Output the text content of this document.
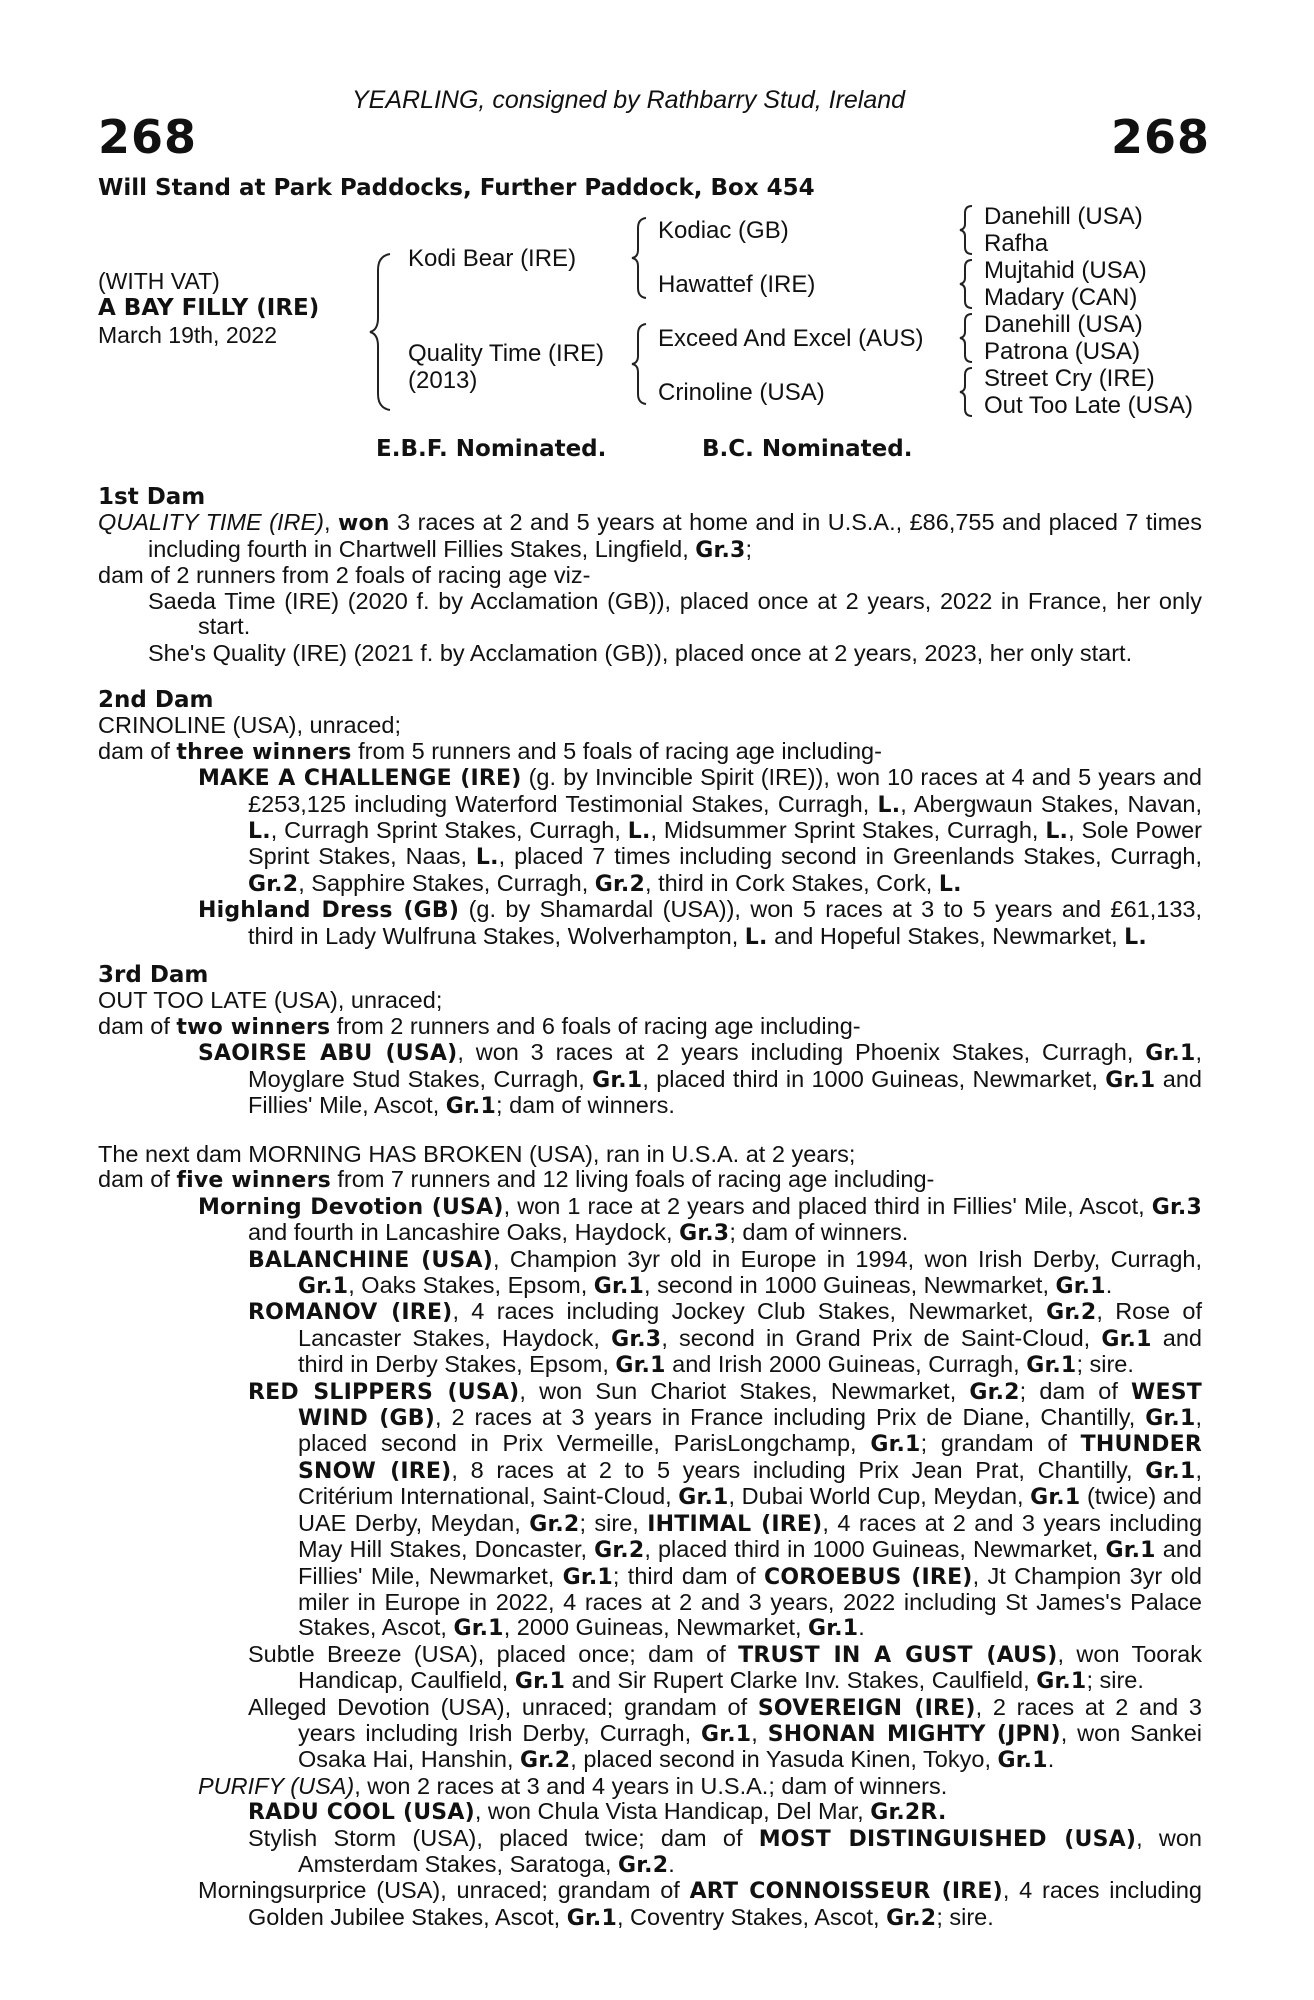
YEARLING, consigned by Rathbarry Stud, Ireland
268	268
Will Stand at Park Paddocks, Further Paddock, Box 454
(WITH VAT)
A BAY FILLY (IRE)
March 19th, 2022
Kodi Bear (IRE)
Quality Time (IRE)
(2013)
Kodiac (GB)
Hawattef (IRE)
Exceed And Excel (AUS)
Crinoline (USA)
Danehill (USA)
Rafha
Mujtahid (USA)
Madary (CAN)
Danehill (USA)
Patrona (USA)
Street Cry (IRE)
Out Too Late (USA)
E.B.F. Nominated.	B.C. Nominated.
1st Dam

QUALITY TIME (IRE), won 3 races at 2 and 5 years at home and in U.S.A., £86,755 and placed 7 times including fourth in Chartwell Fillies Stakes, Lingfield, Gr.3;

dam of 2 runners from 2 foals of racing age viz-

Saeda Time (IRE) (2020 f. by Acclamation (GB)), placed once at 2 years, 2022 in France, her only start.

She's Quality (IRE) (2021 f. by Acclamation (GB)), placed once at 2 years, 2023, her only start.

2nd Dam

CRINOLINE (USA), unraced;

dam of three winners from 5 runners and 5 foals of racing age including-

MAKE A CHALLENGE (IRE) (g. by Invincible Spirit (IRE)), won 10 races at 4 and 5 years and £253,125 including Waterford Testimonial Stakes, Curragh, L., Abergwaun Stakes, Navan, L., Curragh Sprint Stakes, Curragh, L., Midsummer Sprint Stakes, Curragh, L., Sole Power Sprint Stakes, Naas, L., placed 7 times including second in Greenlands Stakes, Curragh, Gr.2, Sapphire Stakes, Curragh, Gr.2, third in Cork Stakes, Cork, L.

Highland Dress (GB) (g. by Shamardal (USA)), won 5 races at 3 to 5 years and £61,133, third in Lady Wulfruna Stakes, Wolverhampton, L. and Hopeful Stakes, Newmarket, L.

3rd Dam

OUT TOO LATE (USA), unraced;

dam of two winners from 2 runners and 6 foals of racing age including-

SAOIRSE ABU (USA), won 3 races at 2 years including Phoenix Stakes, Curragh, Gr.1, Moyglare Stud Stakes, Curragh, Gr.1, placed third in 1000 Guineas, Newmarket, Gr.1 and Fillies' Mile, Ascot, Gr.1; dam of winners.

The next dam MORNING HAS BROKEN (USA), ran in U.S.A. at 2 years;

dam of five winners from 7 runners and 12 living foals of racing age including-

Morning Devotion (USA), won 1 race at 2 years and placed third in Fillies' Mile, Ascot, Gr.3 and fourth in Lancashire Oaks, Haydock, Gr.3; dam of winners.

BALANCHINE (USA), Champion 3yr old in Europe in 1994, won Irish Derby, Curragh, Gr.1, Oaks Stakes, Epsom, Gr.1, second in 1000 Guineas, Newmarket, Gr.1.

ROMANOV (IRE), 4 races including Jockey Club Stakes, Newmarket, Gr.2, Rose of Lancaster Stakes, Haydock, Gr.3, second in Grand Prix de Saint-Cloud, Gr.1 and third in Derby Stakes, Epsom, Gr.1 and Irish 2000 Guineas, Curragh, Gr.1; sire.

RED SLIPPERS (USA), won Sun Chariot Stakes, Newmarket, Gr.2; dam of WEST WIND (GB), 2 races at 3 years in France including Prix de Diane, Chantilly, Gr.1, placed second in Prix Vermeille, ParisLongchamp, Gr.1; grandam of THUNDER SNOW (IRE), 8 races at 2 to 5 years including Prix Jean Prat, Chantilly, Gr.1, Critérium International, Saint-Cloud, Gr.1, Dubai World Cup, Meydan, Gr.1 (twice) and UAE Derby, Meydan, Gr.2; sire, IHTIMAL (IRE), 4 races at 2 and 3 years including May Hill Stakes, Doncaster, Gr.2, placed third in 1000 Guineas, Newmarket, Gr.1 and Fillies' Mile, Newmarket, Gr.1; third dam of COROEBUS (IRE), Jt Champion 3yr old miler in Europe in 2022, 4 races at 2 and 3 years, 2022 including St James's Palace Stakes, Ascot, Gr.1, 2000 Guineas, Newmarket, Gr.1.

Subtle Breeze (USA), placed once; dam of TRUST IN A GUST (AUS), won Toorak Handicap, Caulfield, Gr.1 and Sir Rupert Clarke Inv. Stakes, Caulfield, Gr.1; sire.

Alleged Devotion (USA), unraced; grandam of SOVEREIGN (IRE), 2 races at 2 and 3 years including Irish Derby, Curragh, Gr.1, SHONAN MIGHTY (JPN), won Sankei Osaka Hai, Hanshin, Gr.2, placed second in Yasuda Kinen, Tokyo, Gr.1.

PURIFY (USA), won 2 races at 3 and 4 years in U.S.A.; dam of winners.

RADU COOL (USA), won Chula Vista Handicap, Del Mar, Gr.2R.

Stylish Storm (USA), placed twice; dam of MOST DISTINGUISHED (USA), won Amsterdam Stakes, Saratoga, Gr.2.

Morningsurprice (USA), unraced; grandam of ART CONNOISSEUR (IRE), 4 races including Golden Jubilee Stakes, Ascot, Gr.1, Coventry Stakes, Ascot, Gr.2; sire.
